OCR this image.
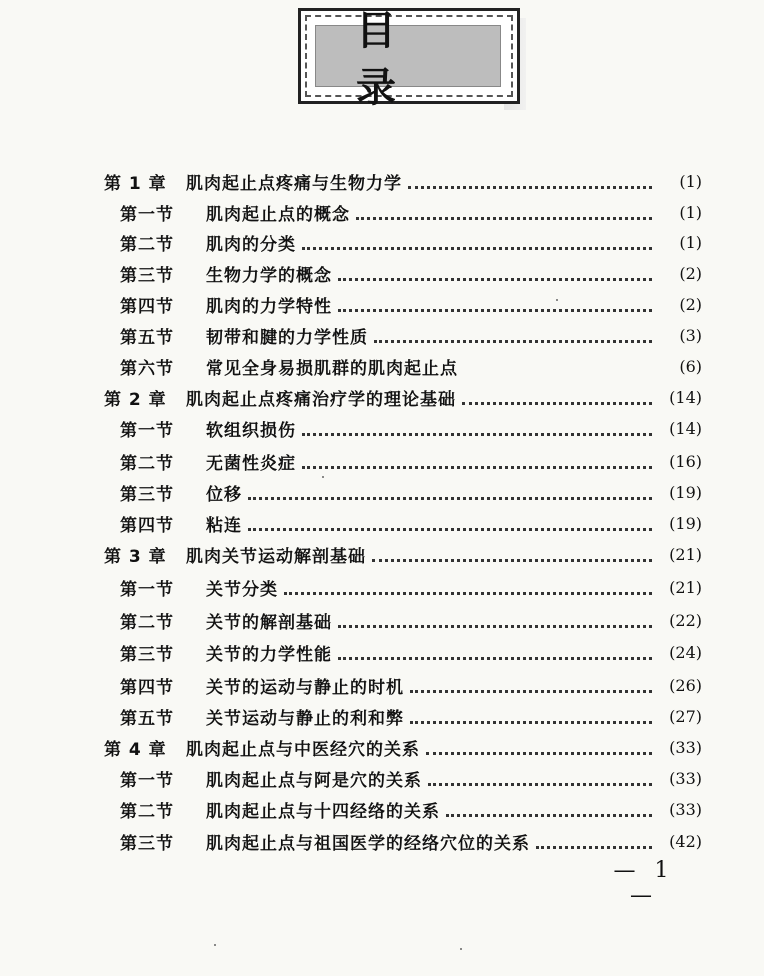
目录
第 1 章	肌肉起止点疼痛与生物力学	(1)
第一节	肌肉起止点的概念	(1)
第二节	肌肉的分类	(1)
第三节	生物力学的概念	(2)
第四节	肌肉的力学特性	(2)
第五节	韧带和腱的力学性质	(3)
第六节	常见全身易损肌群的肌肉起止点	(6)
第 2 章	肌肉起止点疼痛治疗学的理论基础	(14)
第一节	软组织损伤	(14)
第二节	无菌性炎症	(16)
第三节	位移	(19)
第四节	粘连	(19)
第 3 章	肌肉关节运动解剖基础	(21)
第一节	关节分类	(21)
第二节	关节的解剖基础	(22)
第三节	关节的力学性能	(24)
第四节	关节的运动与静止的时机	(26)
第五节	关节运动与静止的利和弊	(27)
第 4 章	肌肉起止点与中医经穴的关系	(33)
第一节	肌肉起止点与阿是穴的关系	(33)
第二节	肌肉起止点与十四经络的关系	(33)
第三节	肌肉起止点与祖国医学的经络穴位的关系	(42)
— 1 —
